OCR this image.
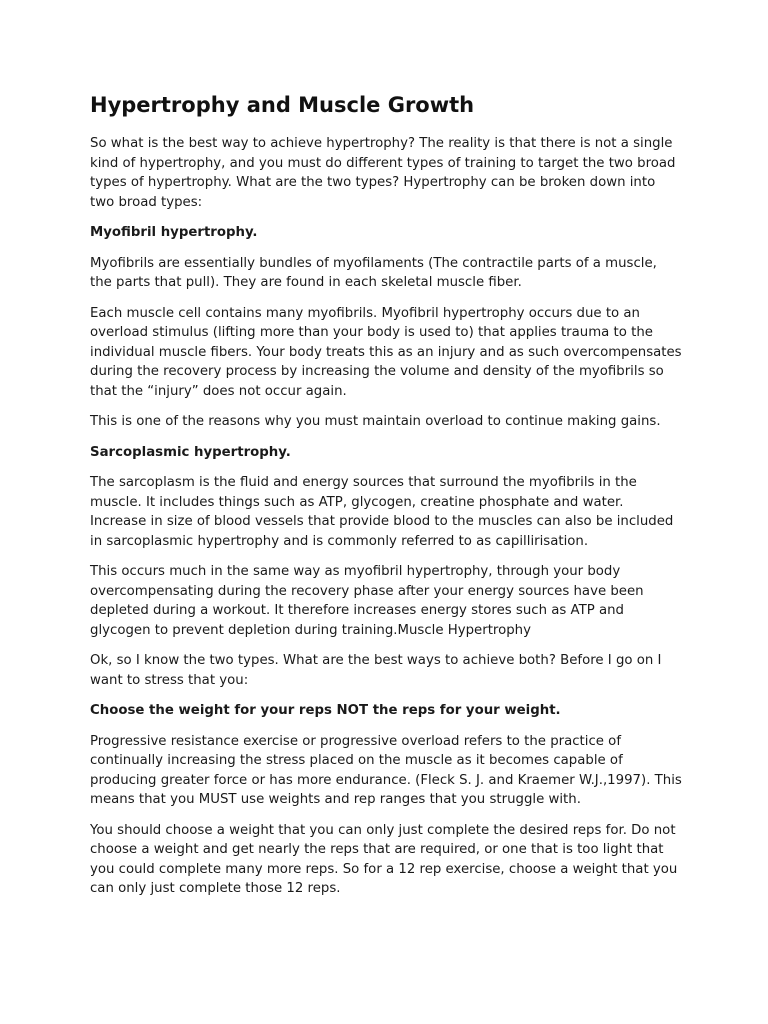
Hypertrophy and Muscle Growth

So what is the best way to achieve hypertrophy? The reality is that there is not a single kind of hypertrophy, and you must do different types of training to target the two broad types of hypertrophy. What are the two types? Hypertrophy can be broken down into two broad types:

Myofibril hypertrophy.

Myofibrils are essentially bundles of myofilaments (The contractile parts of a muscle, the parts that pull). They are found in each skeletal muscle fiber.

Each muscle cell contains many myofibrils. Myofibril hypertrophy occurs due to an overload stimulus (lifting more than your body is used to) that applies trauma to the individual muscle fibers. Your body treats this as an injury and as such overcompensates during the recovery process by increasing the volume and density of the myofibrils so that the “injury” does not occur again.

This is one of the reasons why you must maintain overload to continue making gains.

Sarcoplasmic hypertrophy.

The sarcoplasm is the fluid and energy sources that surround the myofibrils in the muscle. It includes things such as ATP, glycogen, creatine phosphate and water. Increase in size of blood vessels that provide blood to the muscles can also be included in sarcoplasmic hypertrophy and is commonly referred to as capillirisation.

This occurs much in the same way as myofibril hypertrophy, through your body overcompensating during the recovery phase after your energy sources have been depleted during a workout. It therefore increases energy stores such as ATP and glycogen to prevent depletion during training.Muscle Hypertrophy

Ok, so I know the two types. What are the best ways to achieve both? Before I go on I want to stress that you:

Choose the weight for your reps NOT the reps for your weight.

Progressive resistance exercise or progressive overload refers to the practice of continually increasing the stress placed on the muscle as it becomes capable of producing greater force or has more endurance. (Fleck S. J. and Kraemer W.J.,1997). This means that you MUST use weights and rep ranges that you struggle with.

You should choose a weight that you can only just complete the desired reps for. Do not choose a weight and get nearly the reps that are required, or one that is too light that you could complete many more reps. So for a 12 rep exercise, choose a weight that you can only just complete those 12 reps.
